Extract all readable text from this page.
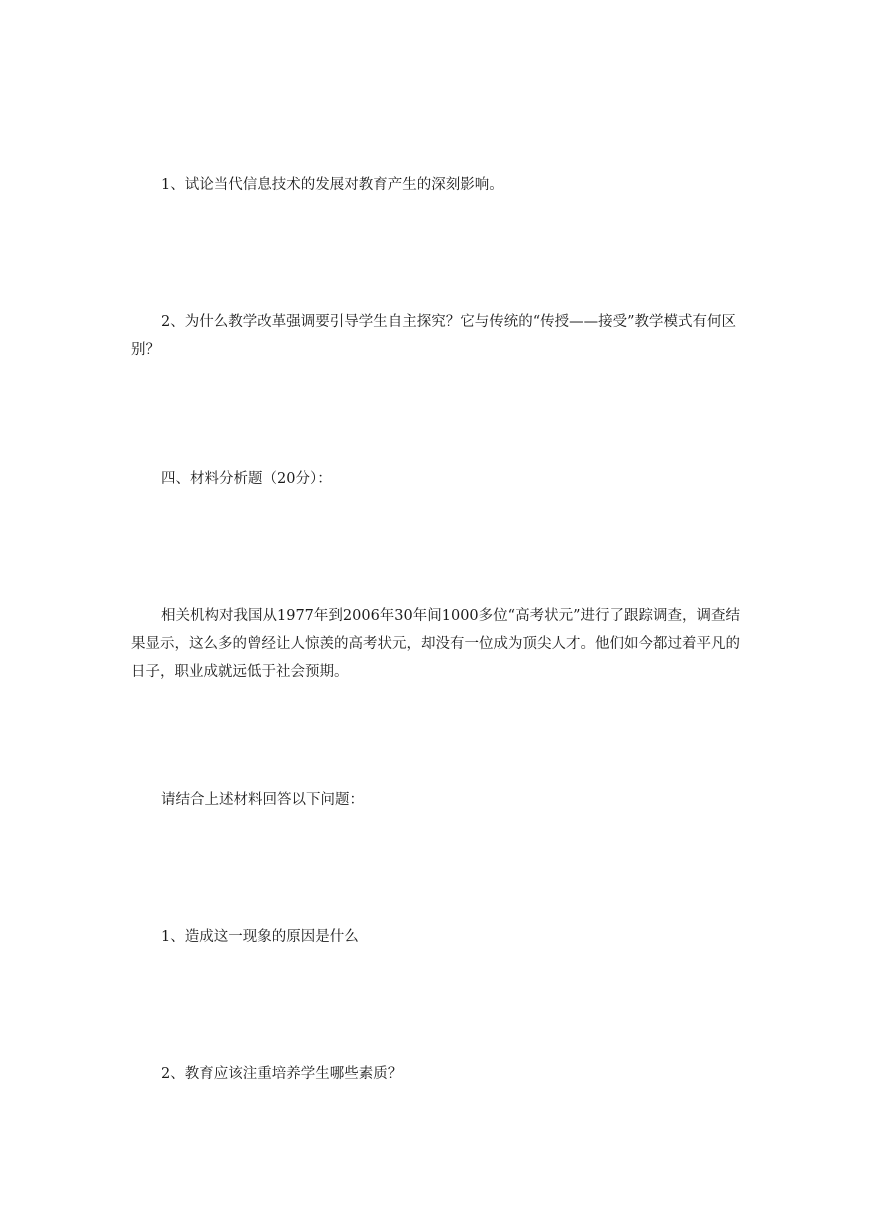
1、试论当代信息技术的发展对教育产生的深刻影响。

2、为什么教学改革强调要引导学生自主探究？它与传统的“传授——接受”教学模式有何区别？

四、材料分析题（20分）：

相关机构对我国从1977年到2006年30年间1000多位“高考状元”进行了跟踪调查，调查结果显示，这么多的曾经让人惊羡的高考状元，却没有一位成为顶尖人才。他们如今都过着平凡的日子，职业成就远低于社会预期。

请结合上述材料回答以下问题：

1、造成这一现象的原因是什么

2、教育应该注重培养学生哪些素质？
